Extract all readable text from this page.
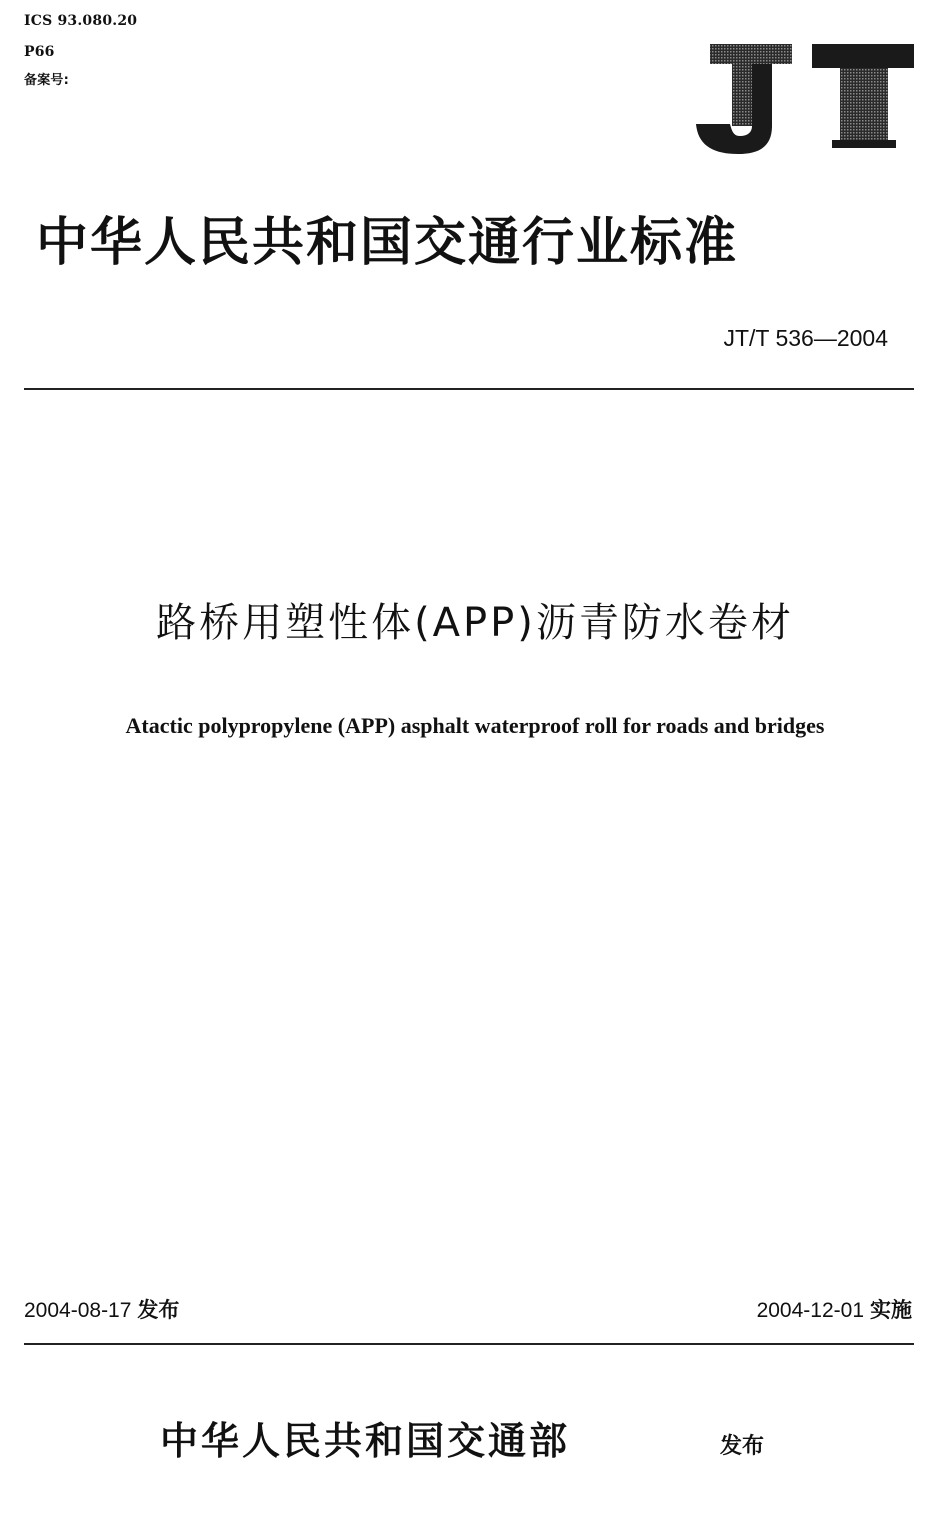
ICS 93.080.20
P66
备案号:
中华人民共和国交通行业标准
JT/T 536—2004
路桥用塑性体(APP)沥青防水卷材
Atactic polypropylene (APP) asphalt waterproof roll for roads and bridges
2004-08-17 发布	2004-12-01 实施
中华人民共和国交通部	发布
